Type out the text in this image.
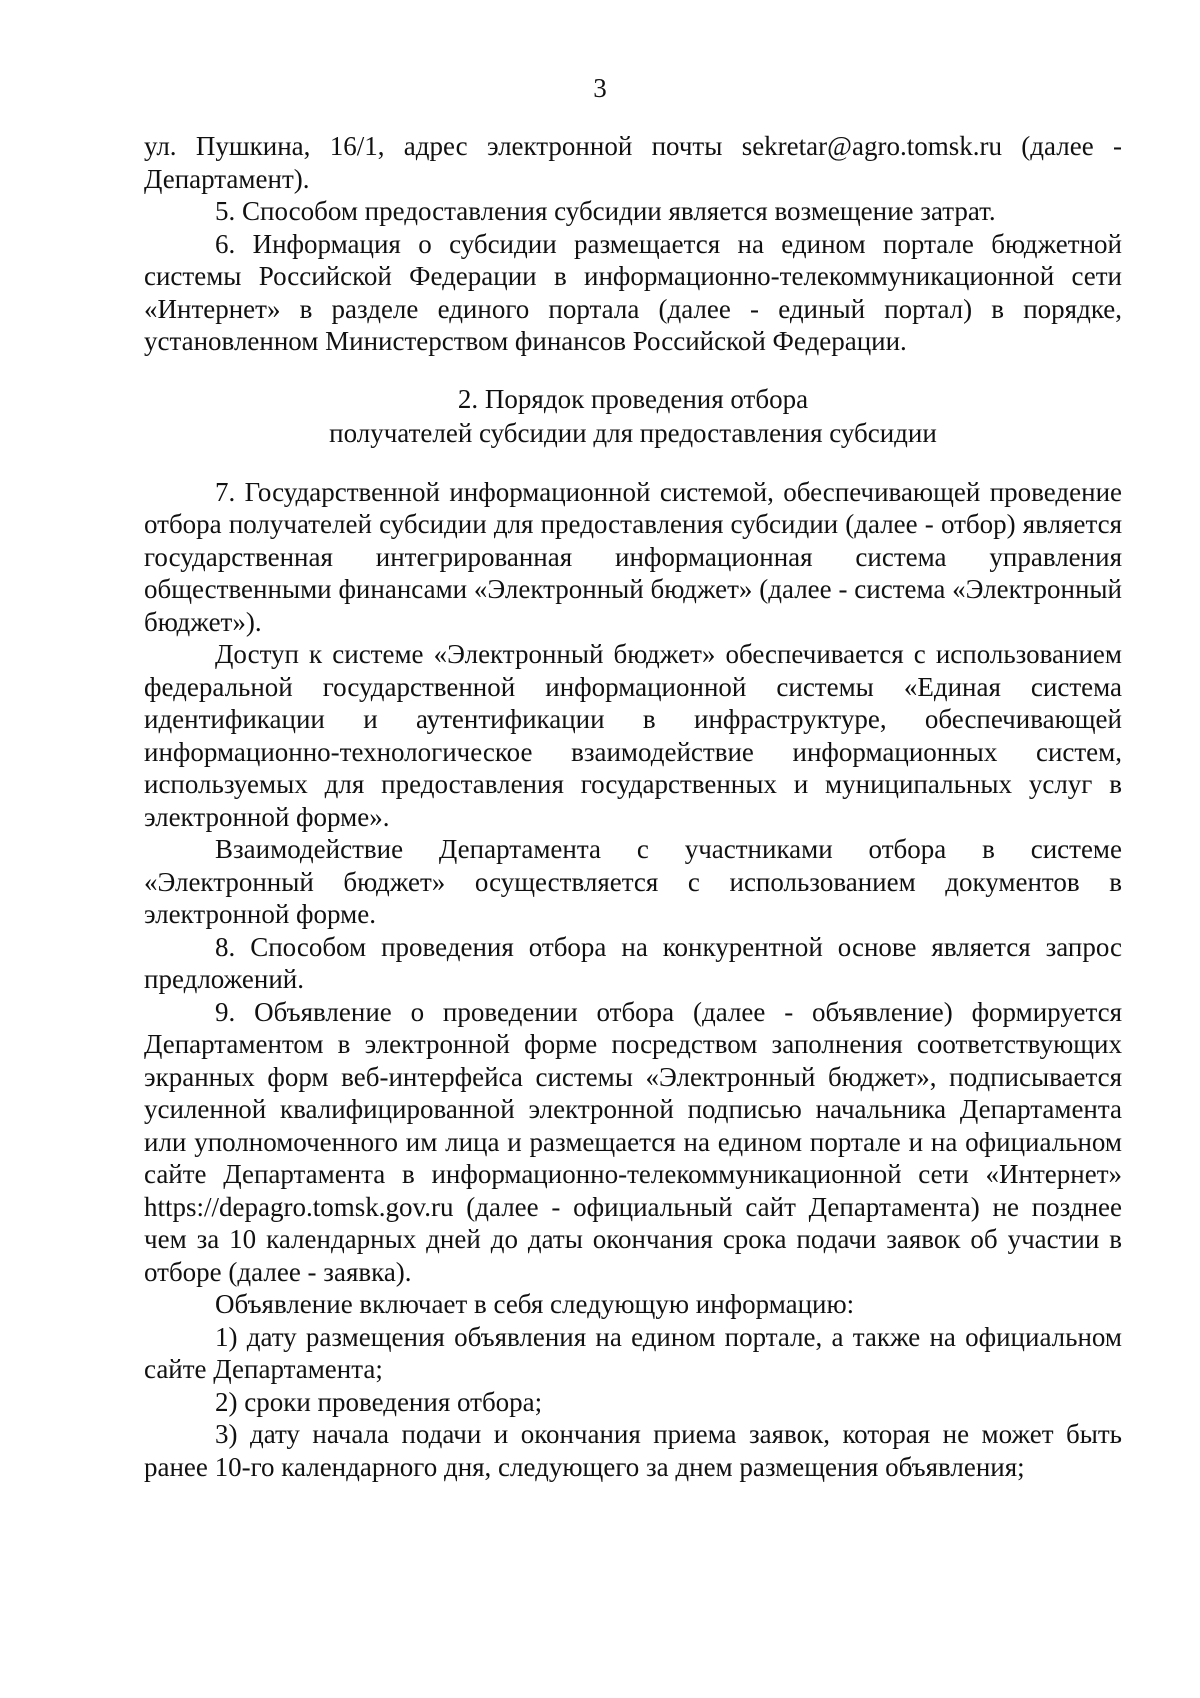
3

ул. Пушкина, 16/1, адрес электронной почты sekretar@agro.tomsk.ru (далее - Департамент).

5. Способом предоставления субсидии является возмещение затрат.

6. Информация о субсидии размещается на едином портале бюджетной системы Российской Федерации в информационно-телекоммуникационной сети «Интернет» в разделе единого портала (далее - единый портал) в порядке, установленном Министерством финансов Российской Федерации.

2. Порядок проведения отбора
получателей субсидии для предоставления субсидии

7. Государственной информационной системой, обеспечивающей проведение отбора получателей субсидии для предоставления субсидии (далее - отбор) является государственная интегрированная информационная система управления общественными финансами «Электронный бюджет» (далее - система «Электронный бюджет»).

Доступ к системе «Электронный бюджет» обеспечивается с использованием федеральной государственной информационной системы «Единая система идентификации и аутентификации в инфраструктуре, обеспечивающей информационно-технологическое взаимодействие информационных систем, используемых для предоставления государственных и муниципальных услуг в электронной форме».

Взаимодействие Департамента с участниками отбора в системе «Электронный бюджет» осуществляется с использованием документов в электронной форме.

8. Способом проведения отбора на конкурентной основе является запрос предложений.

9. Объявление о проведении отбора (далее - объявление) формируется Департаментом в электронной форме посредством заполнения соответствующих экранных форм веб-интерфейса системы «Электронный бюджет», подписывается усиленной квалифицированной электронной подписью начальника Департамента или уполномоченного им лица и размещается на едином портале и на официальном сайте Департамента в информационно-телекоммуникационной сети «Интернет» https://depagro.tomsk.gov.ru (далее - официальный сайт Департамента) не позднее чем за 10 календарных дней до даты окончания срока подачи заявок об участии в отборе (далее - заявка).

Объявление включает в себя следующую информацию:

1) дату размещения объявления на едином портале, а также на официальном сайте Департамента;

2) сроки проведения отбора;

3) дату начала подачи и окончания приема заявок, которая не может быть ранее 10-го календарного дня, следующего за днем размещения объявления;
